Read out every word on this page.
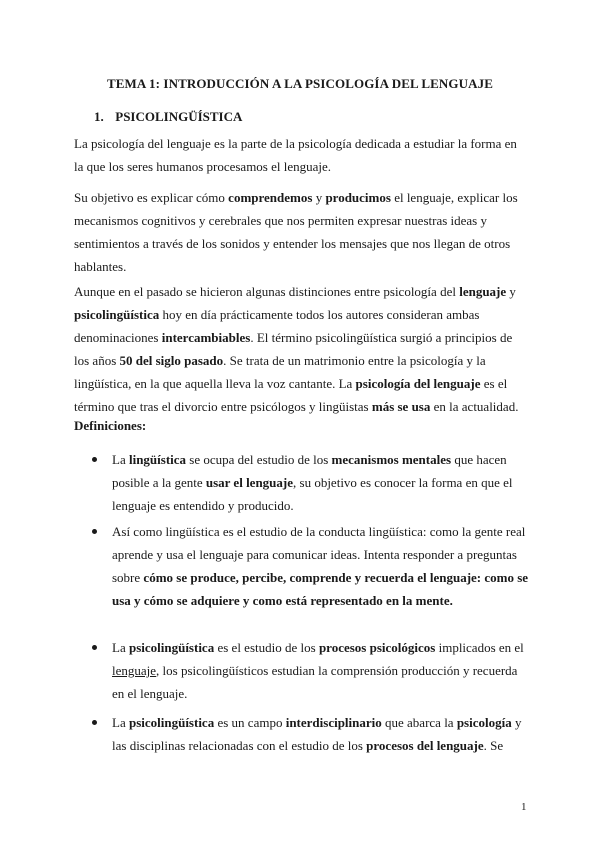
TEMA 1: INTRODUCCIÓN A LA PSICOLOGÍA DEL LENGUAJE
1. PSICOLINGÜÍSTICA

La psicología del lenguaje es la parte de la psicología dedicada a estudiar la forma en la que los seres humanos procesamos el lenguaje.

Su objetivo es explicar cómo comprendemos y producimos el lenguaje, explicar los mecanismos cognitivos y cerebrales que nos permiten expresar nuestras ideas y sentimientos a través de los sonidos y entender los mensajes que nos llegan de otros hablantes.

Aunque en el pasado se hicieron algunas distinciones entre psicología del lenguaje y psicolingüística hoy en día prácticamente todos los autores consideran ambas denominaciones intercambiables. El término psicolingüística surgió a principios de los años 50 del siglo pasado. Se trata de un matrimonio entre la psicología y la lingüística, en la que aquella lleva la voz cantante. La psicología del lenguaje es el término que tras el divorcio entre psicólogos y lingüistas más se usa en la actualidad.

Definiciones:
La lingüística se ocupa del estudio de los mecanismos mentales que hacen posible a la gente usar el lenguaje, su objetivo es conocer la forma en que el lenguaje es entendido y producido.
Así como lingüística es el estudio de la conducta lingüística: como la gente real aprende y usa el lenguaje para comunicar ideas. Intenta responder a preguntas sobre cómo se produce, percibe, comprende y recuerda el lenguaje: como se usa y cómo se adquiere y como está representado en la mente.
La psicolingüística es el estudio de los procesos psicológicos implicados en el lenguaje, los psicolingüísticos estudian la comprensión producción y recuerda en el lenguaje.
La psicolingüística es un campo interdisciplinario que abarca la psicología y las disciplinas relacionadas con el estudio de los procesos del lenguaje. Se
1
